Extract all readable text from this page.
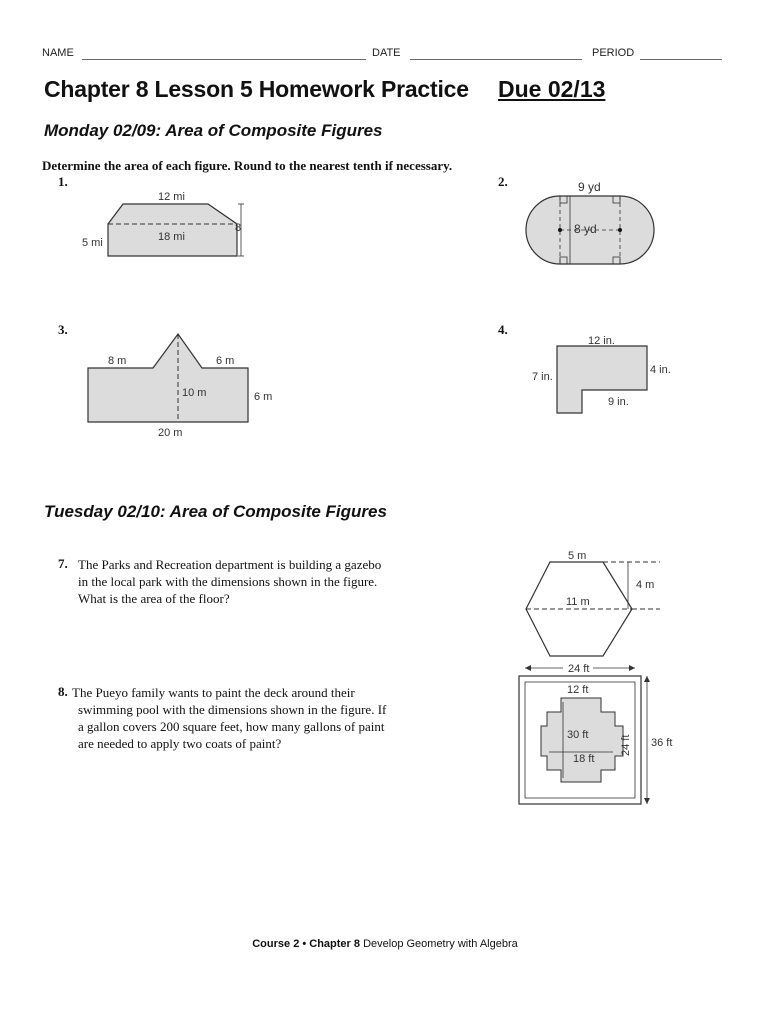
NAME	DATE	PERIOD
Chapter 8 Lesson 5 Homework Practice Due 02/13
Monday 02/09: Area of Composite Figures
Determine the area of each figure. Round to the nearest tenth if necessary.
1.
12 mi
18 mi
5 mi
8
2.	9 yd
8 yd
3.
8 m	6 m
10 m	6 m
20 m
4.
12 in.
7 in.
4 in.
9 in.
Tuesday 02/10: Area of Composite Figures
7. The Parks and Recreation department is building a gazebo
in the local park with the dimensions shown in the figure.
What is the area of the floor?
5 m
4 m
11 m
8. The Pueyo family wants to paint the deck around their
swimming pool with the dimensions shown in the figure. If
a gallon covers 200 square feet, how many gallons of paint
are needed to apply two coats of paint?
24 ft
12 ft
30 ft
18 ft
24 ft 36 ft
Course 2 • Chapter 8 Develop Geometry with Algebra
